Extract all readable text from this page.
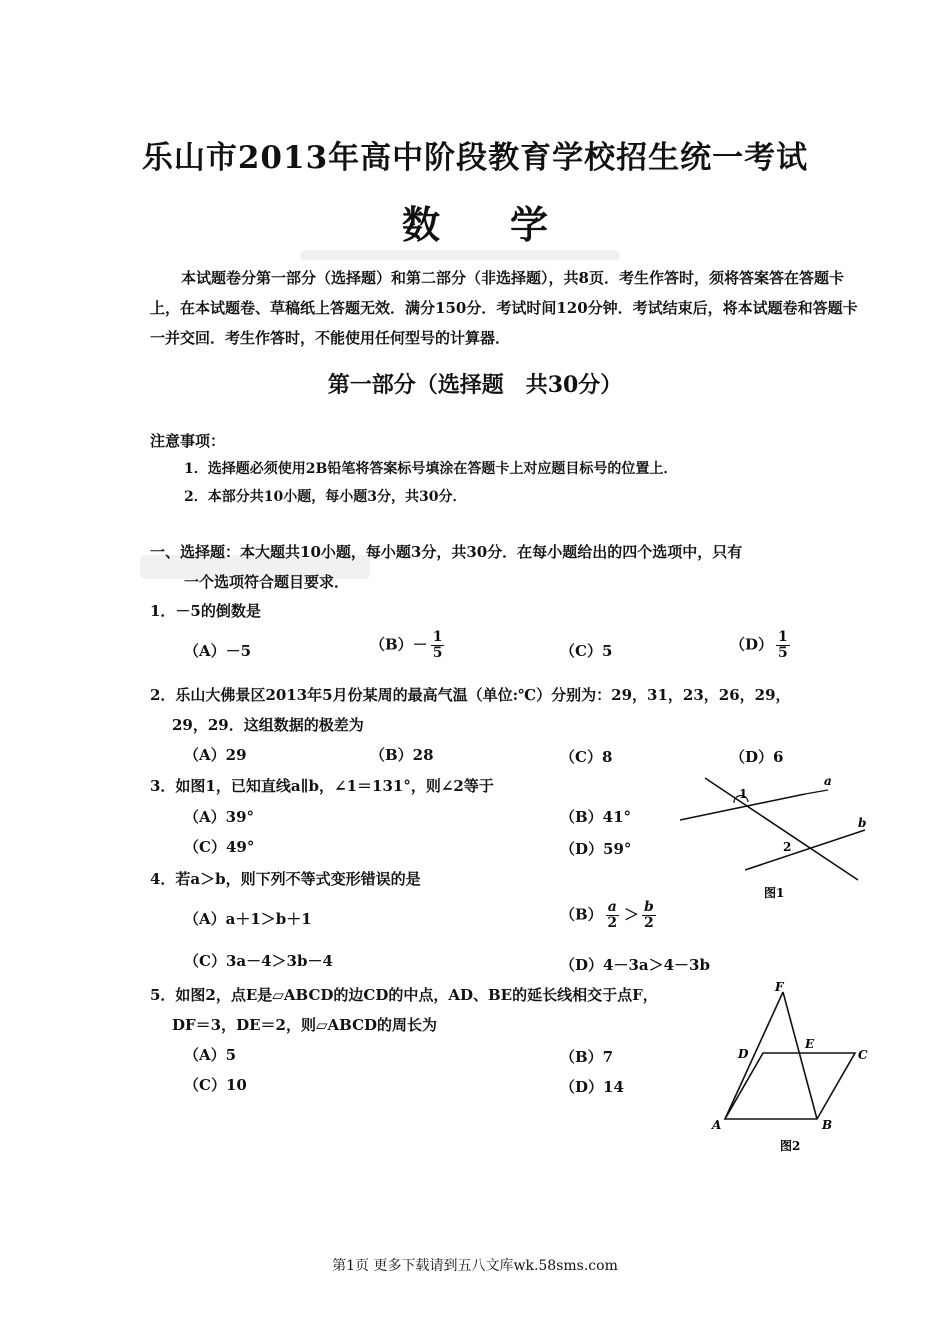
乐山市2013年高中阶段教育学校招生统一考试
数学
本试题卷分第一部分（选择题）和第二部分（非选择题），共8页．考生作答时，须将答案答在答题卡上，在本试题卷、草稿纸上答题无效．满分150分．考试时间120分钟．考试结束后，将本试题卷和答题卡一并交回．考生作答时，不能使用任何型号的计算器．
第一部分（选择题　共30分）
注意事项：
1．选择题必须使用2B铅笔将答案标号填涂在答题卡上对应题目标号的位置上．
2．本部分共10小题，每小题3分，共30分．
一、选择题：本大题共10小题，每小题3分，共30分．在每小题给出的四个选项中，只有
一个选项符合题目要求．
1．－5的倒数是
（A）－5	$(B)- \frac{1}{5}$	（C）5	$(D) \frac{1}{5}$
2．乐山大佛景区2013年5月份某周的最高气温（单位:℃）分别为：29，31，23，26，29，
29，29．这组数据的极差为
（A）29	（B）28	（C）8	（D）6
3．如图1，已知直线a∥b，∠1＝131°，则∠2等于
（A）39°	（B）41°
（C）49°	（D）59°
1
2
a
b
图1
4．若a＞b，则下列不等式变形错误的是
（A）a＋1＞b＋1	$(B) \frac{a}{2} > \frac{b}{2}$
（C）3a－4＞3b－4	（D）4－3a＞4－3b
5．如图2，点E是▱ABCD的边CD的中点，AD、BE的延长线相交于点F，
DF＝3，DE＝2，则▱ABCD的周长为
（A）5	（B）7
（C）10	（D）14
F
D
E
C
A	B
图2
第1页 更多下载请到五八文库wk.58sms.com
